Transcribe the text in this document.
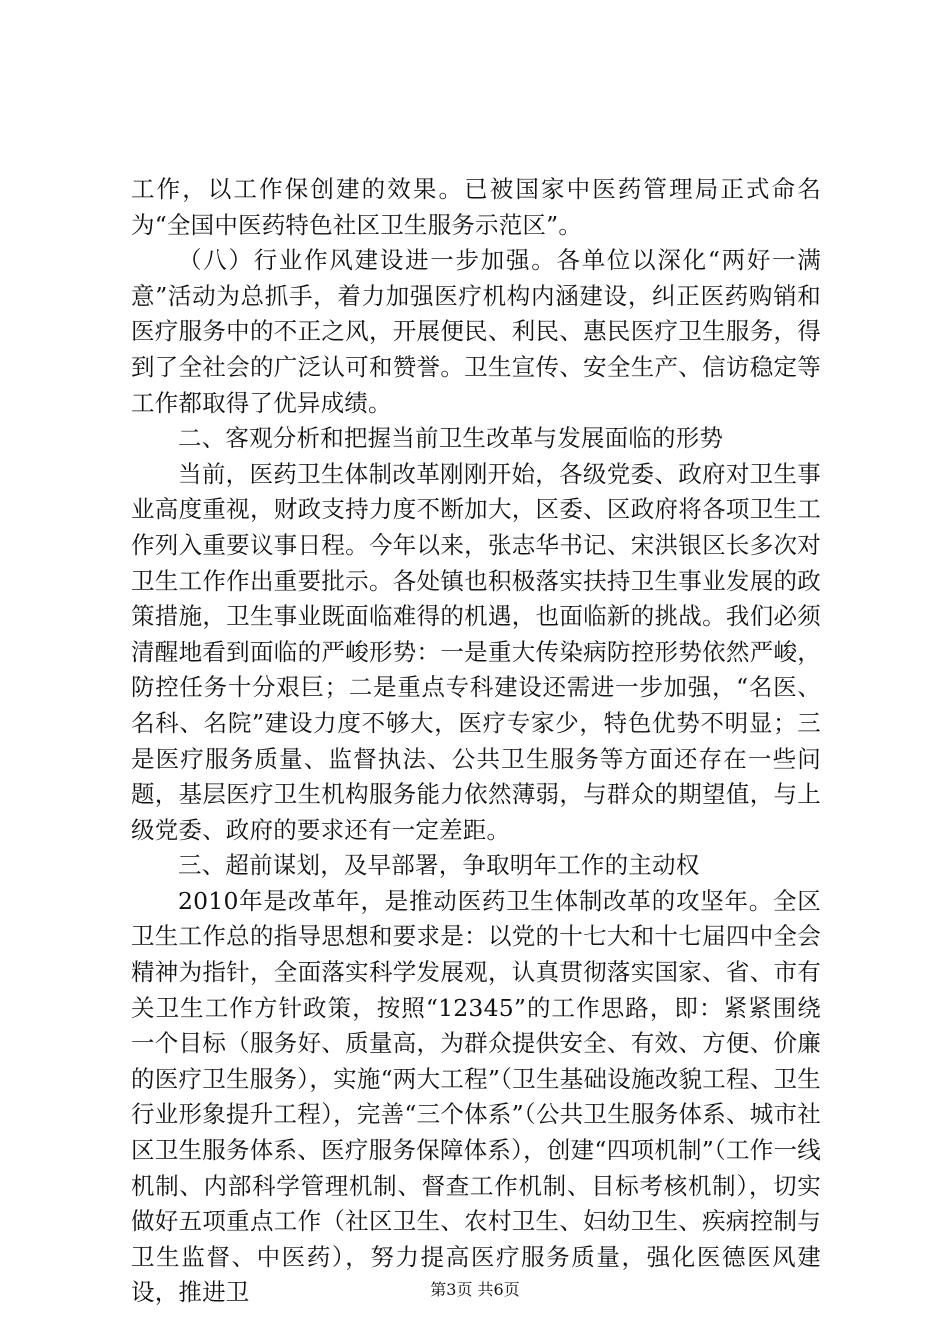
工作，以工作保创建的效果。已被国家中医药管理局正式命名为“全国中医药特色社区卫生服务示范区”。

（八）行业作风建设进一步加强。各单位以深化“两好一满意”活动为总抓手，着力加强医疗机构内涵建设，纠正医药购销和医疗服务中的不正之风，开展便民、利民、惠民医疗卫生服务，得到了全社会的广泛认可和赞誉。卫生宣传、安全生产、信访稳定等工作都取得了优异成绩。

二、客观分析和把握当前卫生改革与发展面临的形势

当前，医药卫生体制改革刚刚开始，各级党委、政府对卫生事业高度重视，财政支持力度不断加大，区委、区政府将各项卫生工作列入重要议事日程。今年以来，张志华书记、宋洪银区长多次对卫生工作作出重要批示。各处镇也积极落实扶持卫生事业发展的政策措施，卫生事业既面临难得的机遇，也面临新的挑战。我们必须清醒地看到面临的严峻形势：一是重大传染病防控形势依然严峻，防控任务十分艰巨；二是重点专科建设还需进一步加强，“名医、名科、名院”建设力度不够大，医疗专家少，特色优势不明显；三是医疗服务质量、监督执法、公共卫生服务等方面还存在一些问题，基层医疗卫生机构服务能力依然薄弱，与群众的期望值，与上级党委、政府的要求还有一定差距。

三、超前谋划，及早部署，争取明年工作的主动权

2010年是改革年，是推动医药卫生体制改革的攻坚年。全区卫生工作总的指导思想和要求是：以党的十七大和十七届四中全会精神为指针，全面落实科学发展观，认真贯彻落实国家、省、市有关卫生工作方针政策，按照“12345”的工作思路，即：紧紧围绕一个目标（服务好、质量高，为群众提供安全、有效、方便、价廉的医疗卫生服务），实施“两大工程”（卫生基础设施改貌工程、卫生行业形象提升工程），完善“三个体系”（公共卫生服务体系、城市社区卫生服务体系、医疗服务保障体系），创建“四项机制”（工作一线机制、内部科学管理机制、督查工作机制、目标考核机制），切实做好五项重点工作（社区卫生、农村卫生、妇幼卫生、疾病控制与卫生监督、中医药），努力提高医疗服务质量，强化医德医风建设，推进卫	第3页 共6页
